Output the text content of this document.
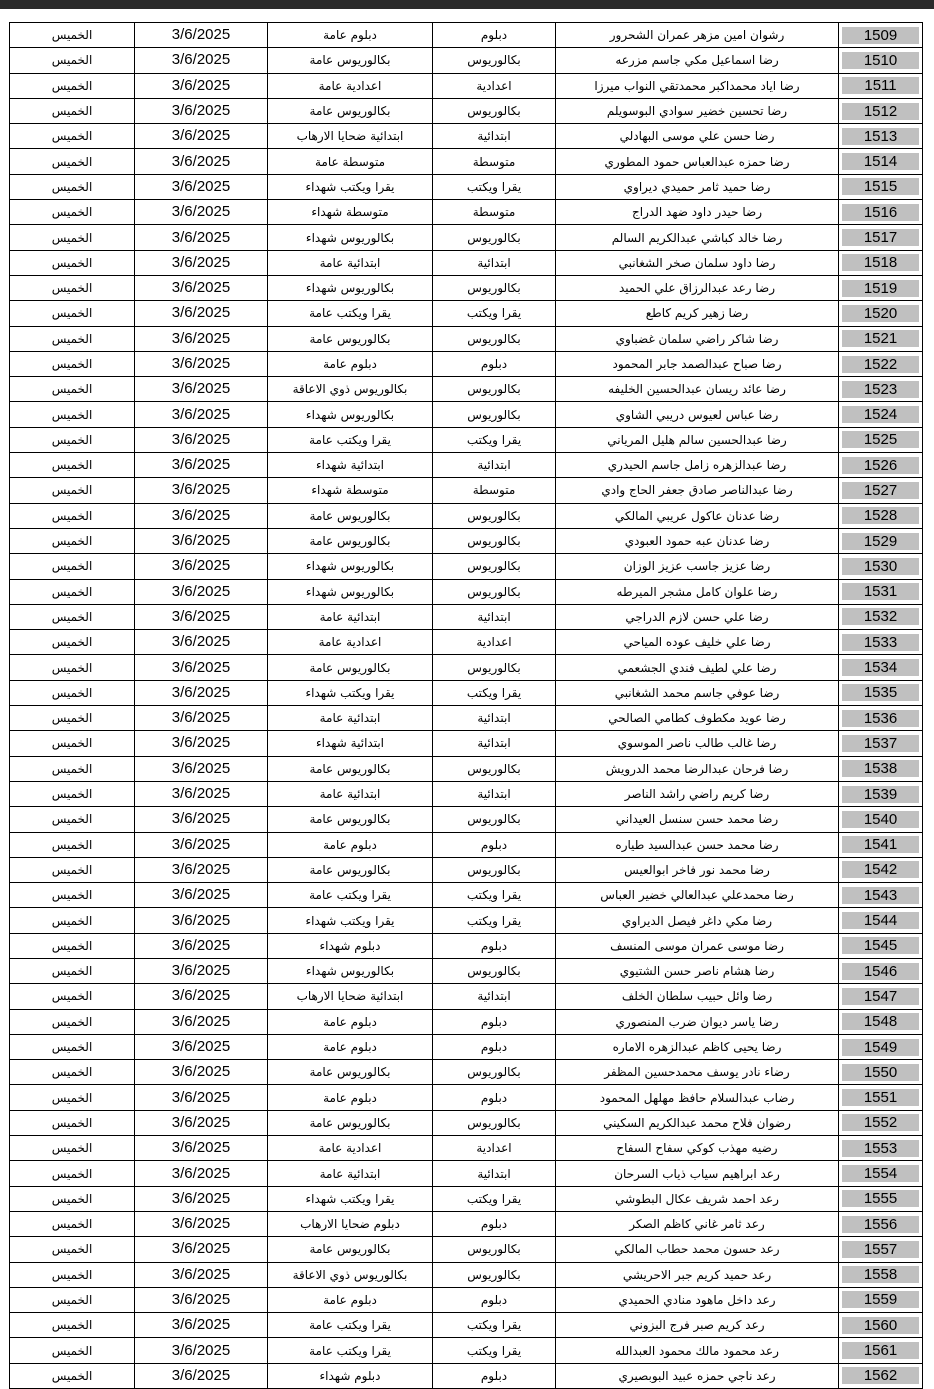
الخميس	3/6/2025	دبلوم عامة	دبلوم	رشوان امين مزهر عمران الشحرور	1509

الخميس	3/6/2025	بكالوريوس عامة	بكالوريوس	رضا اسماعيل مكي جاسم مزرعه	1510

الخميس	3/6/2025	اعدادية عامة	اعدادية	رضا اياد محمداكبر محمدتقي النواب ميرزا	1511

الخميس	3/6/2025	بكالوريوس عامة	بكالوريوس	رضا تحسين خضير سوادي البوسويلم	1512

الخميس	3/6/2025	ابتدائية ضحايا الارهاب	ابتدائية	رضا حسن علي موسى البهادلي	1513

الخميس	3/6/2025	متوسطة عامة	متوسطة	رضا حمزه عبدالعباس حمود المطوري	1514

الخميس	3/6/2025	يقرا ويكتب شهداء	يقرا ويكتب	رضا حميد ثامر حميدي ديراوي	1515

الخميس	3/6/2025	متوسطة شهداء	متوسطة	رضا حيدر داود ضهد الدراج	1516

الخميس	3/6/2025	بكالوريوس شهداء	بكالوريوس	رضا خالد كباشي عبدالكريم السالم	1517

الخميس	3/6/2025	ابتدائية عامة	ابتدائية	رضا داود سلمان صخر الشغانبي	1518

الخميس	3/6/2025	بكالوريوس شهداء	بكالوريوس	رضا رعد عبدالرزاق علي الحميد	1519

الخميس	3/6/2025	يقرا ويكتب عامة	يقرا ويكتب	رضا زهير كريم كاطع	1520

الخميس	3/6/2025	بكالوريوس عامة	بكالوريوس	رضا شاكر راضي سلمان غضباوي	1521

الخميس	3/6/2025	دبلوم عامة	دبلوم	رضا صباح عبدالصمد جابر المحمود	1522

الخميس	3/6/2025	بكالوريوس ذوي الاعاقة	بكالوريوس	رضا عائد ريسان عبدالحسين الخليفه	1523

الخميس	3/6/2025	بكالوريوس شهداء	بكالوريوس	رضا عباس لعيوس دريبي الشاوي	1524

الخميس	3/6/2025	يقرا ويكتب عامة	يقرا ويكتب	رضا عبدالحسين سالم هليل المرياني	1525

الخميس	3/6/2025	ابتدائية شهداء	ابتدائية	رضا عبدالزهره زامل جاسم الحيدري	1526

الخميس	3/6/2025	متوسطة شهداء	متوسطة	رضا عبدالناصر صادق جعفر الحاج وادي	1527

الخميس	3/6/2025	بكالوريوس عامة	بكالوريوس	رضا عدنان عاكول عريبي المالكي	1528

الخميس	3/6/2025	بكالوريوس عامة	بكالوريوس	رضا عدنان عبه حمود العبودي	1529

الخميس	3/6/2025	بكالوريوس شهداء	بكالوريوس	رضا عزيز جاسب عزيز الوزان	1530

الخميس	3/6/2025	بكالوريوس شهداء	بكالوريوس	رضا علوان كامل مشجر الميرطه	1531

الخميس	3/6/2025	ابتدائية عامة	ابتدائية	رضا علي حسن لازم الدراجي	1532

الخميس	3/6/2025	اعدادية عامة	اعدادية	رضا علي خليف عوده المياحي	1533

الخميس	3/6/2025	بكالوريوس عامة	بكالوريوس	رضا علي لطيف فندي الجشعمي	1534

الخميس	3/6/2025	يقرا ويكتب شهداء	يقرا ويكتب	رضا عوفي جاسم محمد الشغانبي	1535

الخميس	3/6/2025	ابتدائية عامة	ابتدائية	رضا عويد مكطوف كطامي الصالحي	1536

الخميس	3/6/2025	ابتدائية شهداء	ابتدائية	رضا غالب طالب ناصر الموسوي	1537

الخميس	3/6/2025	بكالوريوس عامة	بكالوريوس	رضا فرحان عبدالرضا محمد الدرويش	1538

الخميس	3/6/2025	ابتدائية عامة	ابتدائية	رضا كريم راضي راشد الناصر	1539

الخميس	3/6/2025	بكالوريوس عامة	بكالوريوس	رضا محمد حسن سنسل العيداني	1540

الخميس	3/6/2025	دبلوم عامة	دبلوم	رضا محمد حسن عبدالسيد طياره	1541

الخميس	3/6/2025	بكالوريوس عامة	بكالوريوس	رضا محمد نور فاخر ابوالعيس	1542

الخميس	3/6/2025	يقرا ويكتب عامة	يقرا ويكتب	رضا محمدعلي عبدالعالي خضير العباس	1543

الخميس	3/6/2025	يقرا ويكتب شهداء	يقرا ويكتب	رضا مكي داغر فيصل الديراوي	1544

الخميس	3/6/2025	دبلوم شهداء	دبلوم	رضا موسى عمران موسى المنسف	1545

الخميس	3/6/2025	بكالوريوس شهداء	بكالوريوس	رضا هشام ناصر حسن الشتيوي	1546

الخميس	3/6/2025	ابتدائية ضحايا الارهاب	ابتدائية	رضا وائل حبيب سلطان الخلف	1547

الخميس	3/6/2025	دبلوم عامة	دبلوم	رضا ياسر ديوان ضرب المنصوري	1548

الخميس	3/6/2025	دبلوم عامة	دبلوم	رضا يحيى كاظم عبدالزهره الاماره	1549

الخميس	3/6/2025	بكالوريوس عامة	بكالوريوس	رضاء نادر يوسف محمدحسين المظفر	1550

الخميس	3/6/2025	دبلوم عامة	دبلوم	رضاب عبدالسلام حافظ مهلهل المحمود	1551

الخميس	3/6/2025	بكالوريوس عامة	بكالوريوس	رضوان فلاح محمد عبدالكريم السكيني	1552

الخميس	3/6/2025	اعدادية عامة	اعدادية	رضيه مهذب كوكي سفاح السفاح	1553

الخميس	3/6/2025	ابتدائية عامة	ابتدائية	رعد ابراهيم سياب ذياب السرحان	1554

الخميس	3/6/2025	يقرا ويكتب شهداء	يقرا ويكتب	رعد احمد شريف عكال البطوشي	1555

الخميس	3/6/2025	دبلوم ضحايا الارهاب	دبلوم	رعد ثامر غاني كاظم الصكر	1556

الخميس	3/6/2025	بكالوريوس عامة	بكالوريوس	رعد حسون محمد حطاب المالكي	1557

الخميس	3/6/2025	بكالوريوس ذوي الاعاقة	بكالوريوس	رعد حميد كريم جبر الاحريشي	1558

الخميس	3/6/2025	دبلوم عامة	دبلوم	رعد داخل ماهود منادي الحميدي	1559

الخميس	3/6/2025	يقرا ويكتب عامة	يقرا ويكتب	رعد كريم صبر فرج البزوني	1560

الخميس	3/6/2025	يقرا ويكتب عامة	يقرا ويكتب	رعد محمود مالك محمود العبدالله	1561

الخميس	3/6/2025	دبلوم شهداء	دبلوم	رعد ناجي حمزه عبيد البوبصيري	1562
